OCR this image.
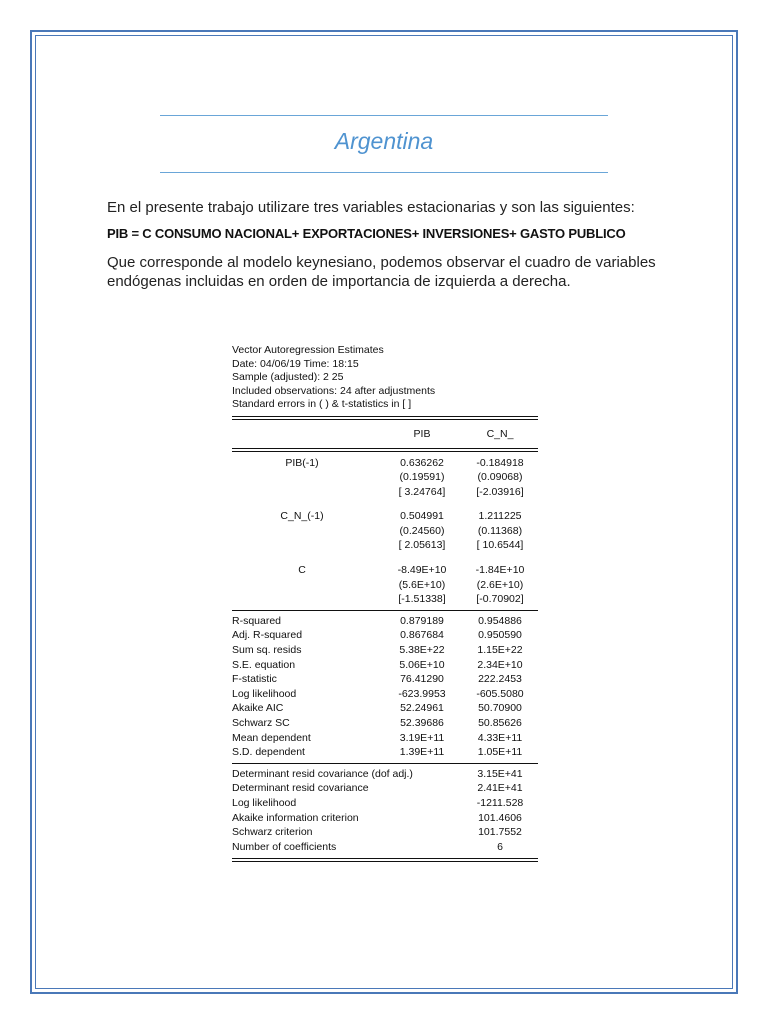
Argentina
En el presente trabajo utilizare tres variables estacionarias y son las siguientes:
PIB = C CONSUMO NACIONAL+ EXPORTACIONES+ INVERSIONES+ GASTO PUBLICO
Que corresponde al modelo keynesiano, podemos observar el cuadro de variables
endógenas incluidas en orden de importancia de izquierda a derecha.
Vector Autoregression Estimates
Date: 04/06/19 Time: 18:15
Sample (adjusted): 2 25
Included observations: 24 after adjustments
Standard errors in ( ) & t-statistics in [ ]
PIB	C_N_
PIB(-1)	0.636262	-0.184918
(0.19591)	(0.09068)
[ 3.24764]	[-2.03916]
C_N_(-1)	0.504991	1.211225
(0.24560)	(0.11368)
[ 2.05613]	[ 10.6544]
C	-8.49E+10	-1.84E+10
(5.6E+10)	(2.6E+10)
[-1.51338]	[-0.70902]
R-squared	0.879189	0.954886
Adj. R-squared	0.867684	0.950590
Sum sq. resids	5.38E+22	1.15E+22
S.E. equation	5.06E+10	2.34E+10
F-statistic	76.41290	222.2453
Log likelihood	-623.9953	-605.5080
Akaike AIC	52.24961	50.70900
Schwarz SC	52.39686	50.85626
Mean dependent	3.19E+11	4.33E+11
S.D. dependent	1.39E+11	1.05E+11
Determinant resid covariance (dof adj.)	3.15E+41
Determinant resid covariance	2.41E+41
Log likelihood	-1211.528
Akaike information criterion	101.4606
Schwarz criterion	101.7552
Number of coefficients	6
